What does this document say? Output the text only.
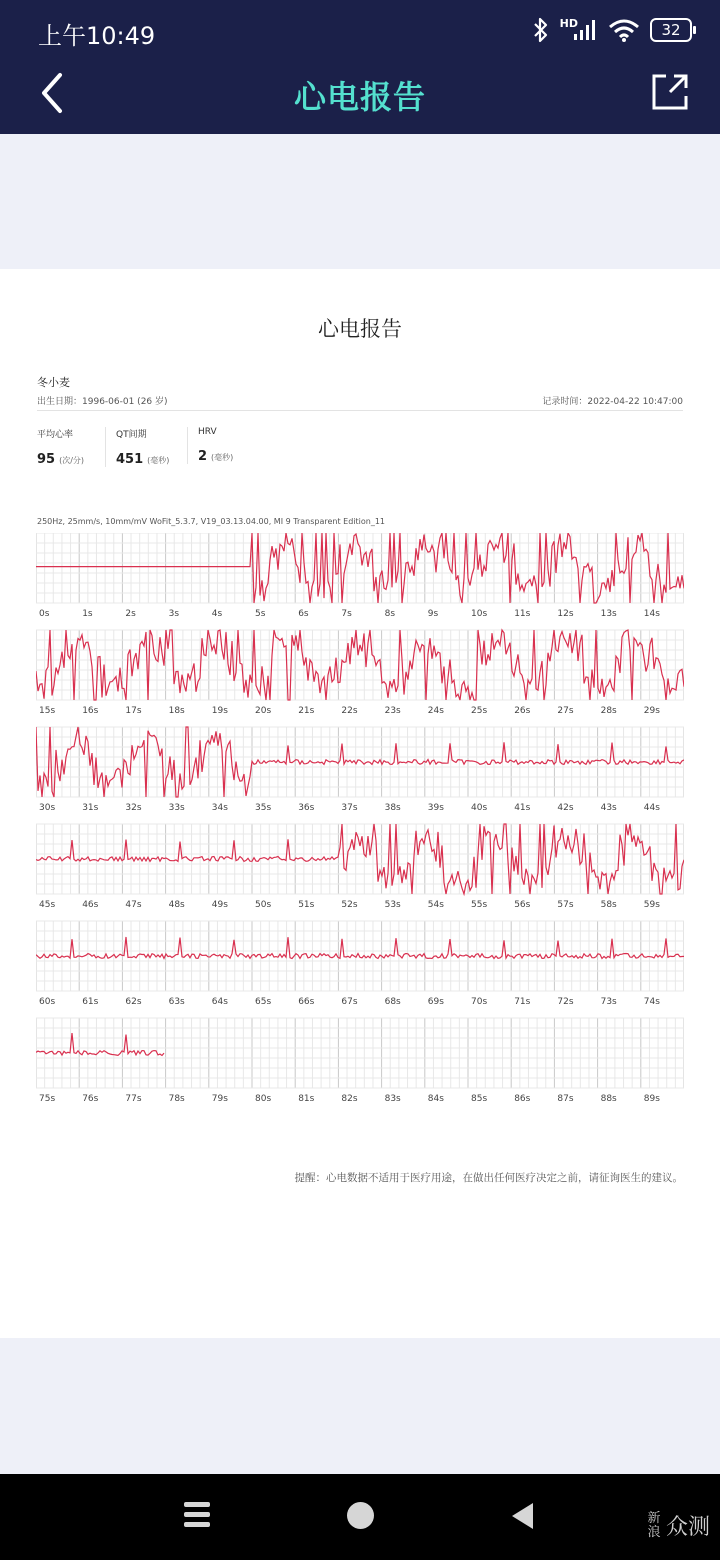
上午10:49	HD	32
心电报告
心电报告
冬小麦
出生日期：1996-06-01 (26 岁)	记录时间：2022-04-22 10:47:00
平均心率
95 (次/分)
QT间期
451 (毫秒)
HRV
2 (毫秒)
250Hz, 25mm/s, 10mm/mV WoFit_5.3.7, V19_03.13.04.00, MI 9 Transparent Edition_11
0s	1s	2s	3s	4s	5s	6s	7s	8s	9s	10s	11s	12s	13s	14s
15s	16s	17s	18s	19s	20s	21s	22s	23s	24s	25s	26s	27s	28s	29s
30s	31s	32s	33s	34s	35s	36s	37s	38s	39s	40s	41s	42s	43s	44s
45s	46s	47s	48s	49s	50s	51s	52s	53s	54s	55s	56s	57s	58s	59s
60s	61s	62s	63s	64s	65s	66s	67s	68s	69s	70s	71s	72s	73s	74s
75s	76s	77s	78s	79s	80s	81s	82s	83s	84s	85s	86s	87s	88s	89s
提醒：心电数据不适用于医疗用途，在做出任何医疗决定之前，请征询医生的建议。
新浪 众测
